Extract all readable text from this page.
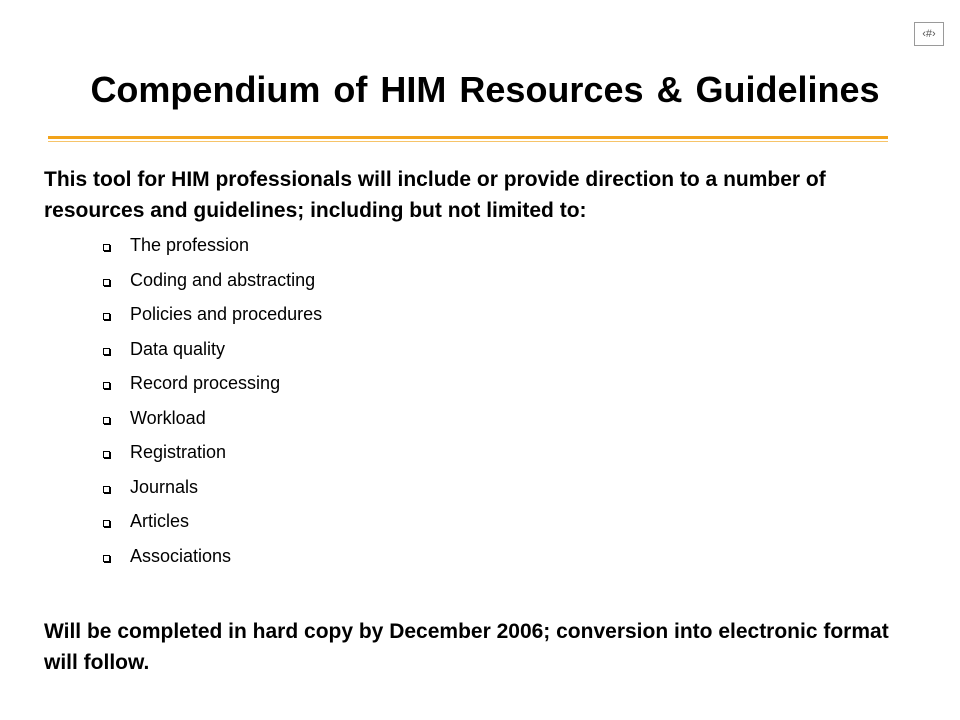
‹#›
Compendium of HIM Resources & Guidelines

This tool for HIM professionals will include or provide direction to a number of resources and guidelines; including but not limited to:

The profession
Coding and abstracting
Policies and procedures
Data quality
Record processing
Workload
Registration
Journals
Articles
Associations

Will be completed in hard copy by December 2006; conversion into electronic format will follow.
